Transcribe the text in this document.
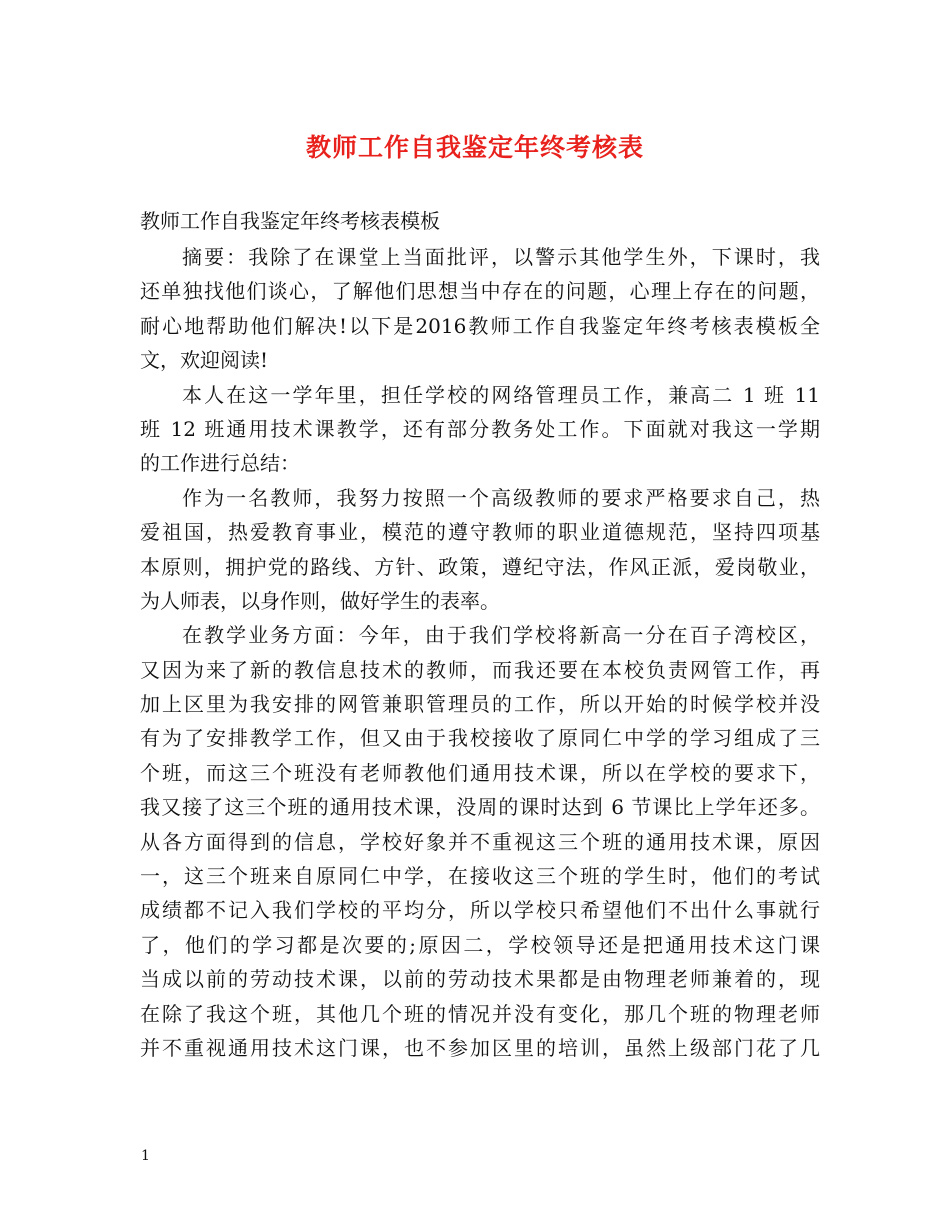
教师工作自我鉴定年终考核表
教师工作自我鉴定年终考核表模板
摘要：我除了在课堂上当面批评，以警示其他学生外，下课时，我
还单独找他们谈心，了解他们思想当中存在的问题，心理上存在的问题，
耐心地帮助他们解决!以下是2016教师工作自我鉴定年终考核表模板全
文，欢迎阅读!
本人在这一学年里，担任学校的网络管理员工作，兼高二 1 班 11
班 12 班通用技术课教学，还有部分教务处工作。下面就对我这一学期
的工作进行总结：
作为一名教师，我努力按照一个高级教师的要求严格要求自己，热
爱祖国，热爱教育事业，模范的遵守教师的职业道德规范，坚持四项基
本原则，拥护党的路线、方针、政策，遵纪守法，作风正派，爱岗敬业，
为人师表，以身作则，做好学生的表率。
在教学业务方面：今年，由于我们学校将新高一分在百子湾校区，
又因为来了新的教信息技术的教师，而我还要在本校负责网管工作，再
加上区里为我安排的网管兼职管理员的工作，所以开始的时候学校并没
有为了安排教学工作，但又由于我校接收了原同仁中学的学习组成了三
个班，而这三个班没有老师教他们通用技术课，所以在学校的要求下，
我又接了这三个班的通用技术课，没周的课时达到 6 节课比上学年还多。
从各方面得到的信息，学校好象并不重视这三个班的通用技术课，原因
一，这三个班来自原同仁中学，在接收这三个班的学生时，他们的考试
成绩都不记入我们学校的平均分，所以学校只希望他们不出什么事就行
了，他们的学习都是次要的;原因二，学校领导还是把通用技术这门课
当成以前的劳动技术课，以前的劳动技术果都是由物理老师兼着的，现
在除了我这个班，其他几个班的情况并没有变化，那几个班的物理老师
并不重视通用技术这门课，也不参加区里的培训，虽然上级部门花了几
1
